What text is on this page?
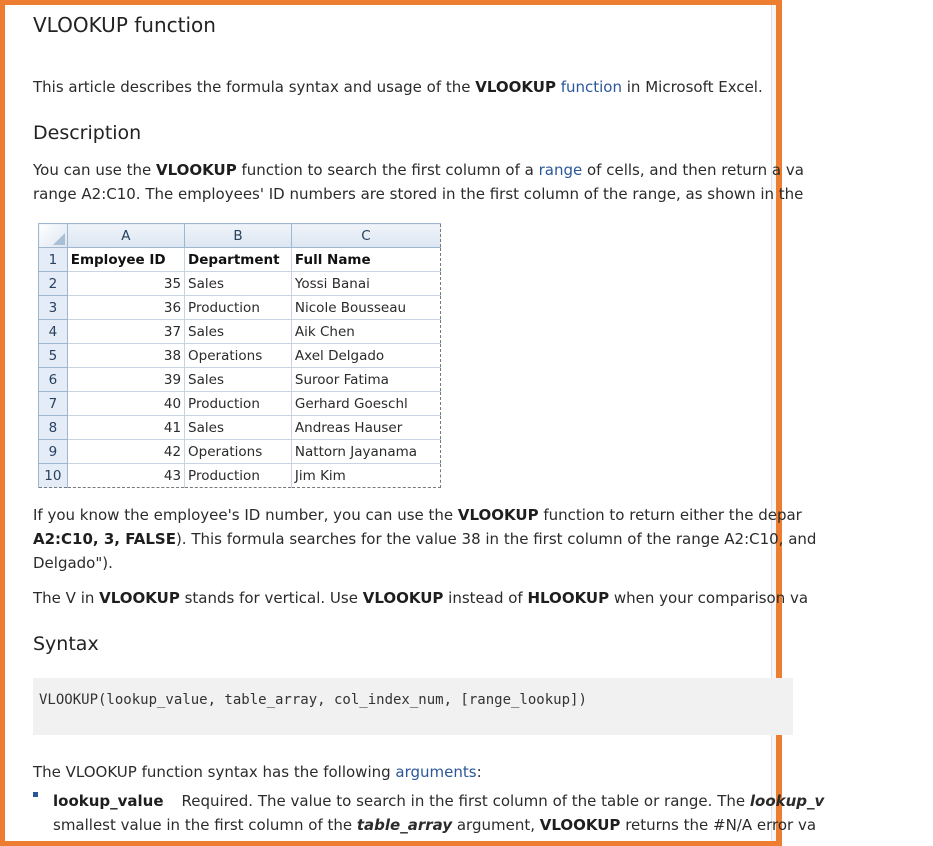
VLOOKUP function

This article describes the formula syntax and usage of the VLOOKUP function in Microsoft Excel.

Description

You can use the VLOOKUP function to search the first column of a range of cells, and then return a va

range A2:C10. The employees' ID numbers are stored in the first column of the range, as shown in the

	A	B	C
1	Employee ID	Department	Full Name
2	35	Sales	Yossi Banai
3	36	Production	Nicole Bousseau
4	37	Sales	Aik Chen
5	38	Operations	Axel Delgado
6	39	Sales	Suroor Fatima
7	40	Production	Gerhard Goeschl
8	41	Sales	Andreas Hauser
9	42	Operations	Nattorn Jayanama
10	43	Production	Jim Kim

If you know the employee's ID number, you can use the VLOOKUP function to return either the depar

A2:C10, 3, FALSE). This formula searches for the value 38 in the first column of the range A2:C10, and

Delgado").

The V in VLOOKUP stands for vertical. Use VLOOKUP instead of HLOOKUP when your comparison va

Syntax
VLOOKUP(lookup_value, table_array, col_index_num, [range_lookup])

The VLOOKUP function syntax has the following arguments:

lookup_value Required. The value to search in the first column of the table or range. The lookup_v

smallest value in the first column of the table_array argument, VLOOKUP returns the #N/A error va
